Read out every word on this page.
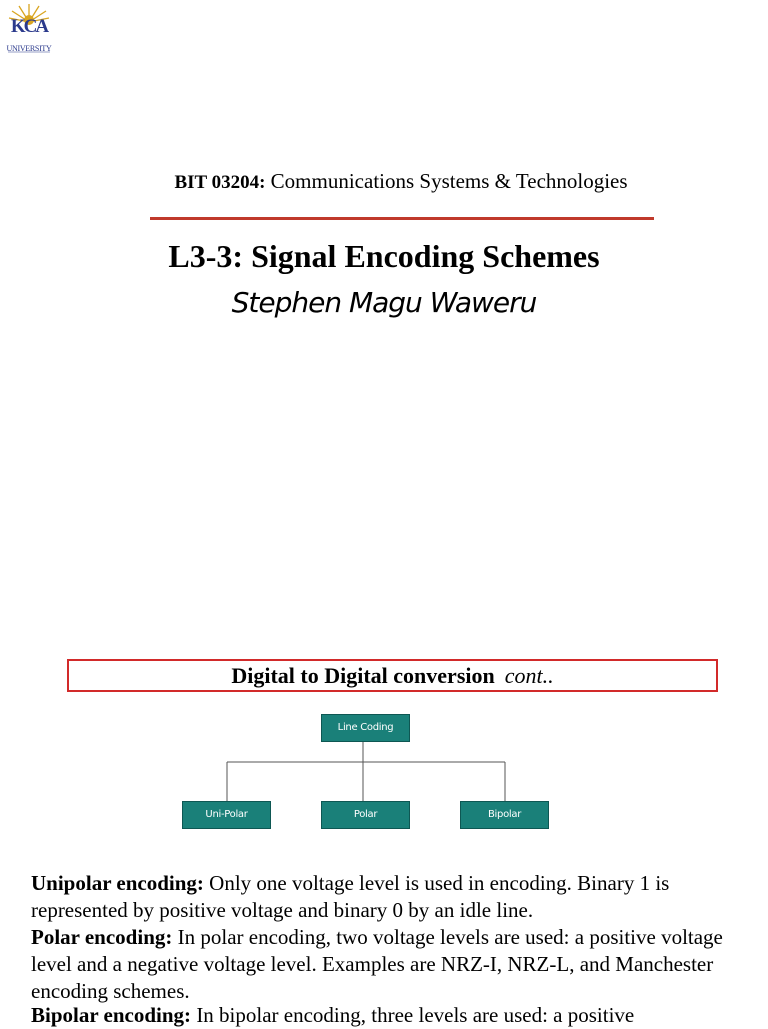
KCA
UNIVERSITY
BIT 03204: Communications Systems & Technologies
L3-3: Signal Encoding Schemes
Stephen Magu Waweru
Digital to Digital conversion cont..
Line Coding
Uni-Polar	Polar	Bipolar
Unipolar encoding: Only one voltage level is used in encoding. Binary 1 is represented by positive voltage and binary 0 by an idle line.
Polar encoding: In polar encoding, two voltage levels are used: a positive voltage level and a negative voltage level. Examples are NRZ-I, NRZ-L, and Manchester encoding schemes.
Bipolar encoding: In bipolar encoding, three levels are used: a positive
